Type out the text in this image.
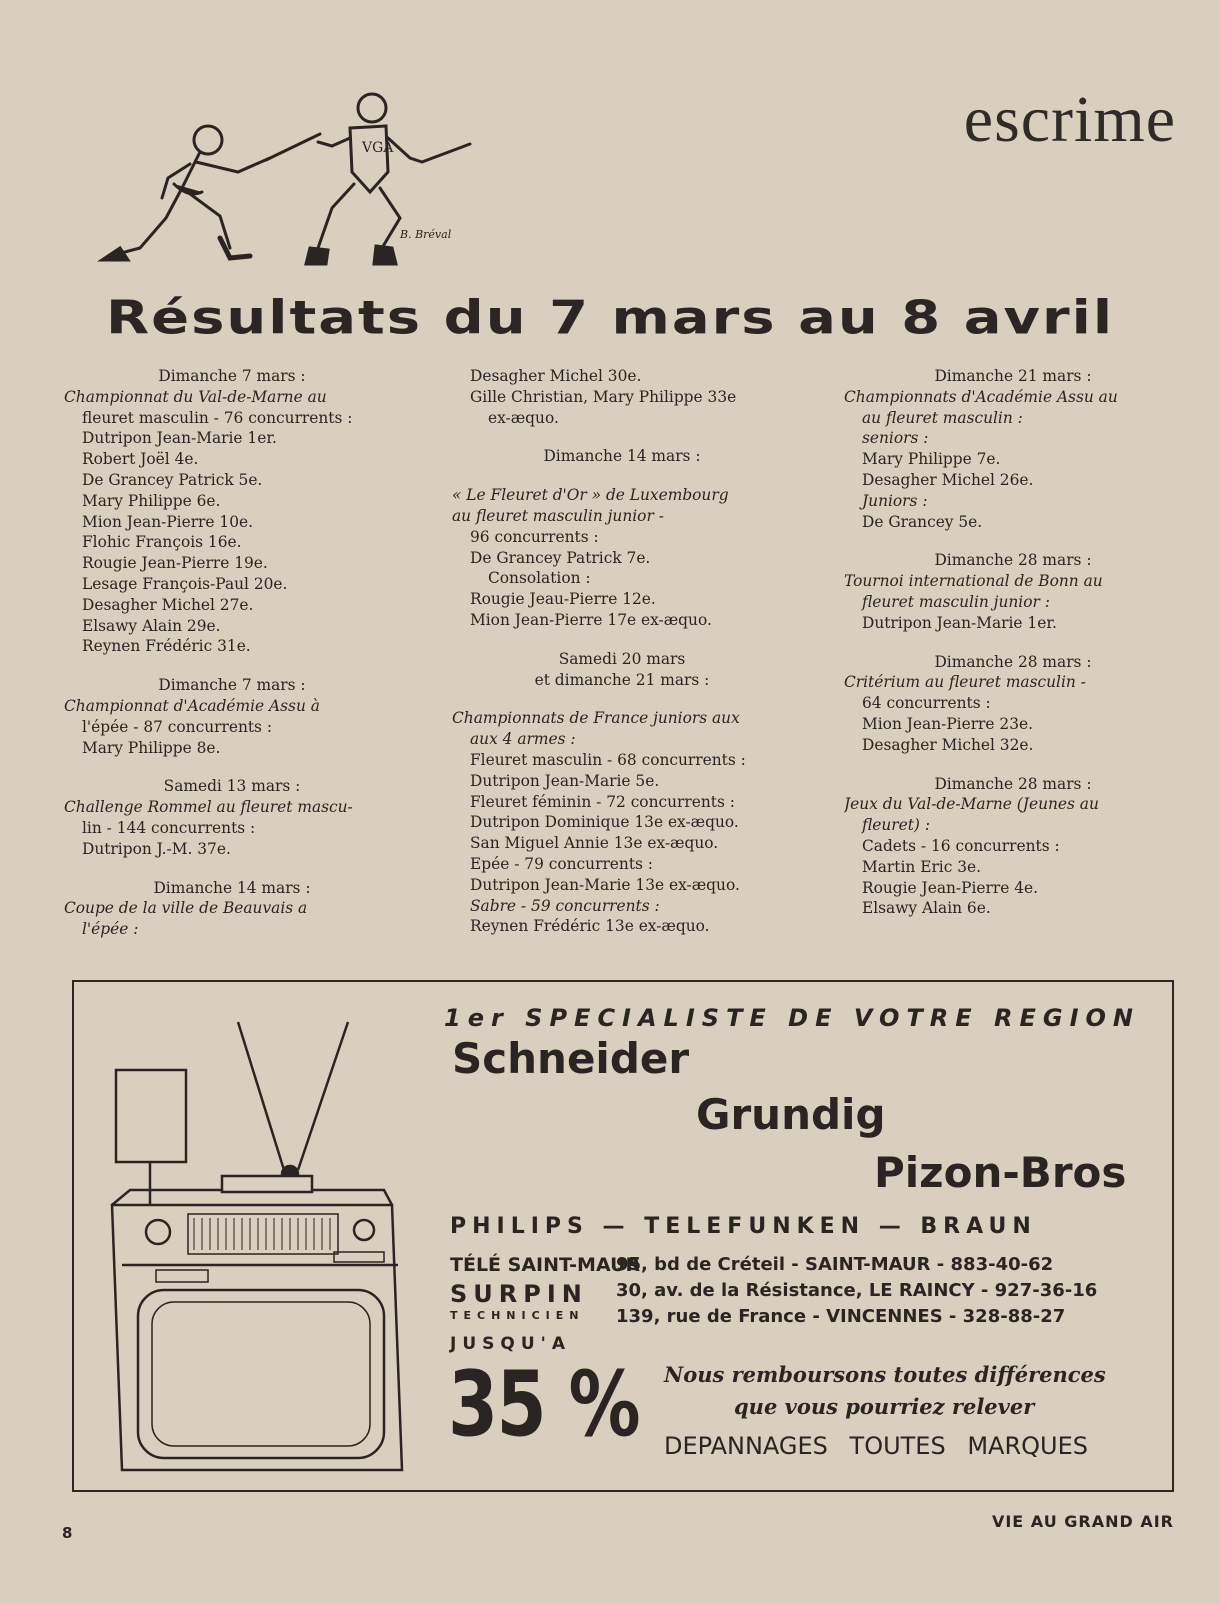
escrime
VGA
B. Bréval
Résultats du 7 mars au 8 avril
Dimanche 7 mars :
Championnat du Val-de-Marne au
fleuret masculin - 76 concurrents :
Dutripon Jean-Marie 1er.
Robert Joël 4e.
De Grancey Patrick 5e.
Mary Philippe 6e.
Mion Jean-Pierre 10e.
Flohic François 16e.
Rougie Jean-Pierre 19e.
Lesage François-Paul 20e.
Desagher Michel 27e.
Elsawy Alain 29e.
Reynen Frédéric 31e.
Dimanche 7 mars :
Championnat d'Académie Assu à
l'épée - 87 concurrents :
Mary Philippe 8e.
Samedi 13 mars :
Challenge Rommel au fleuret mascu-
lin - 144 concurrents :
Dutripon J.-M. 37e.
Dimanche 14 mars :
Coupe de la ville de Beauvais a
l'épée :
Desagher Michel 30e.
Gille Christian, Mary Philippe 33e
ex-æquo.
Dimanche 14 mars :
« Le Fleuret d'Or » de Luxembourg
au fleuret masculin junior -
96 concurrents :
De Grancey Patrick 7e.
Consolation :
Rougie Jeau-Pierre 12e.
Mion Jean-Pierre 17e ex-æquo.
Samedi 20 mars
et dimanche 21 mars :
Championnats de France juniors aux
aux 4 armes :
Fleuret masculin - 68 concurrents :
Dutripon Jean-Marie 5e.
Fleuret féminin - 72 concurrents :
Dutripon Dominique 13e ex-æquo.
San Miguel Annie 13e ex-æquo.
Epée - 79 concurrents :
Dutripon Jean-Marie 13e ex-æquo.
Sabre - 59 concurrents :
Reynen Frédéric 13e ex-æquo.
Dimanche 21 mars :
Championnats d'Académie Assu au
au fleuret masculin :
seniors :
Mary Philippe 7e.
Desagher Michel 26e.
Juniors :
De Grancey 5e.
Dimanche 28 mars :
Tournoi international de Bonn au
fleuret masculin junior :
Dutripon Jean-Marie 1er.
Dimanche 28 mars :
Critérium au fleuret masculin -
64 concurrents :
Mion Jean-Pierre 23e.
Desagher Michel 32e.
Dimanche 28 mars :
Jeux du Val-de-Marne (Jeunes au
fleuret) :
Cadets - 16 concurrents :
Martin Eric 3e.
Rougie Jean-Pierre 4e.
Elsawy Alain 6e.
1er SPECIALISTE DE VOTRE REGION
Schneider
Grundig
Pizon-Bros
PHILIPS — TELEFUNKEN — BRAUN
TÉLÉ SAINT-MAUR
SURPIN
TECHNICIEN
95, bd de Créteil - SAINT-MAUR - 883-40-62
30, av. de la Résistance, LE RAINCY - 927-36-16
139, rue de France - VINCENNES - 328-88-27
JUSQU'A
35 % Nous remboursons toutes différences
que vous pourriez relever
DEPANNAGES TOUTES MARQUES
8
VIE AU GRAND AIR
